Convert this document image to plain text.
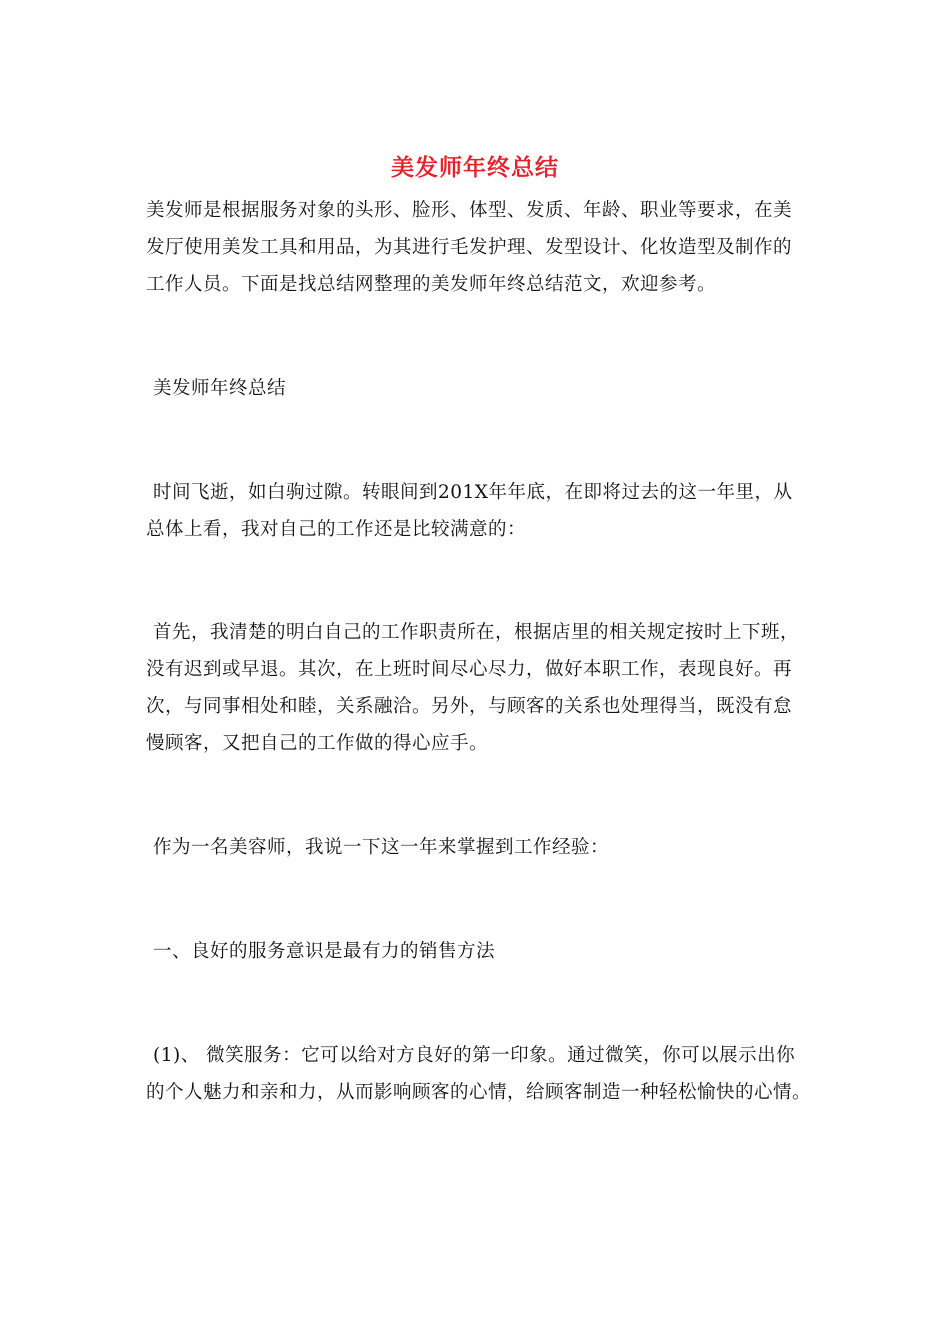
美发师年终总结
美发师是根据服务对象的头形、脸形、体型、发质、年龄、职业等要求，在美
发厅使用美发工具和用品，为其进行毛发护理、发型设计、化妆造型及制作的
工作人员。下面是找总结网整理的美发师年终总结范文，欢迎参考。
美发师年终总结
时间飞逝，如白驹过隙。转眼间到201X年年底，在即将过去的这一年里，从
总体上看，我对自己的工作还是比较满意的：
首先，我清楚的明白自己的工作职责所在，根据店里的相关规定按时上下班，
没有迟到或早退。其次，在上班时间尽心尽力，做好本职工作，表现良好。再
次，与同事相处和睦，关系融洽。另外，与顾客的关系也处理得当，既没有怠
慢顾客，又把自己的工作做的得心应手。
作为一名美容师，我说一下这一年来掌握到工作经验：
一、良好的服务意识是最有力的销售方法
(1)、 微笑服务：它可以给对方良好的第一印象。通过微笑，你可以展示出你
的个人魅力和亲和力，从而影响顾客的心情，给顾客制造一种轻松愉快的心情。
